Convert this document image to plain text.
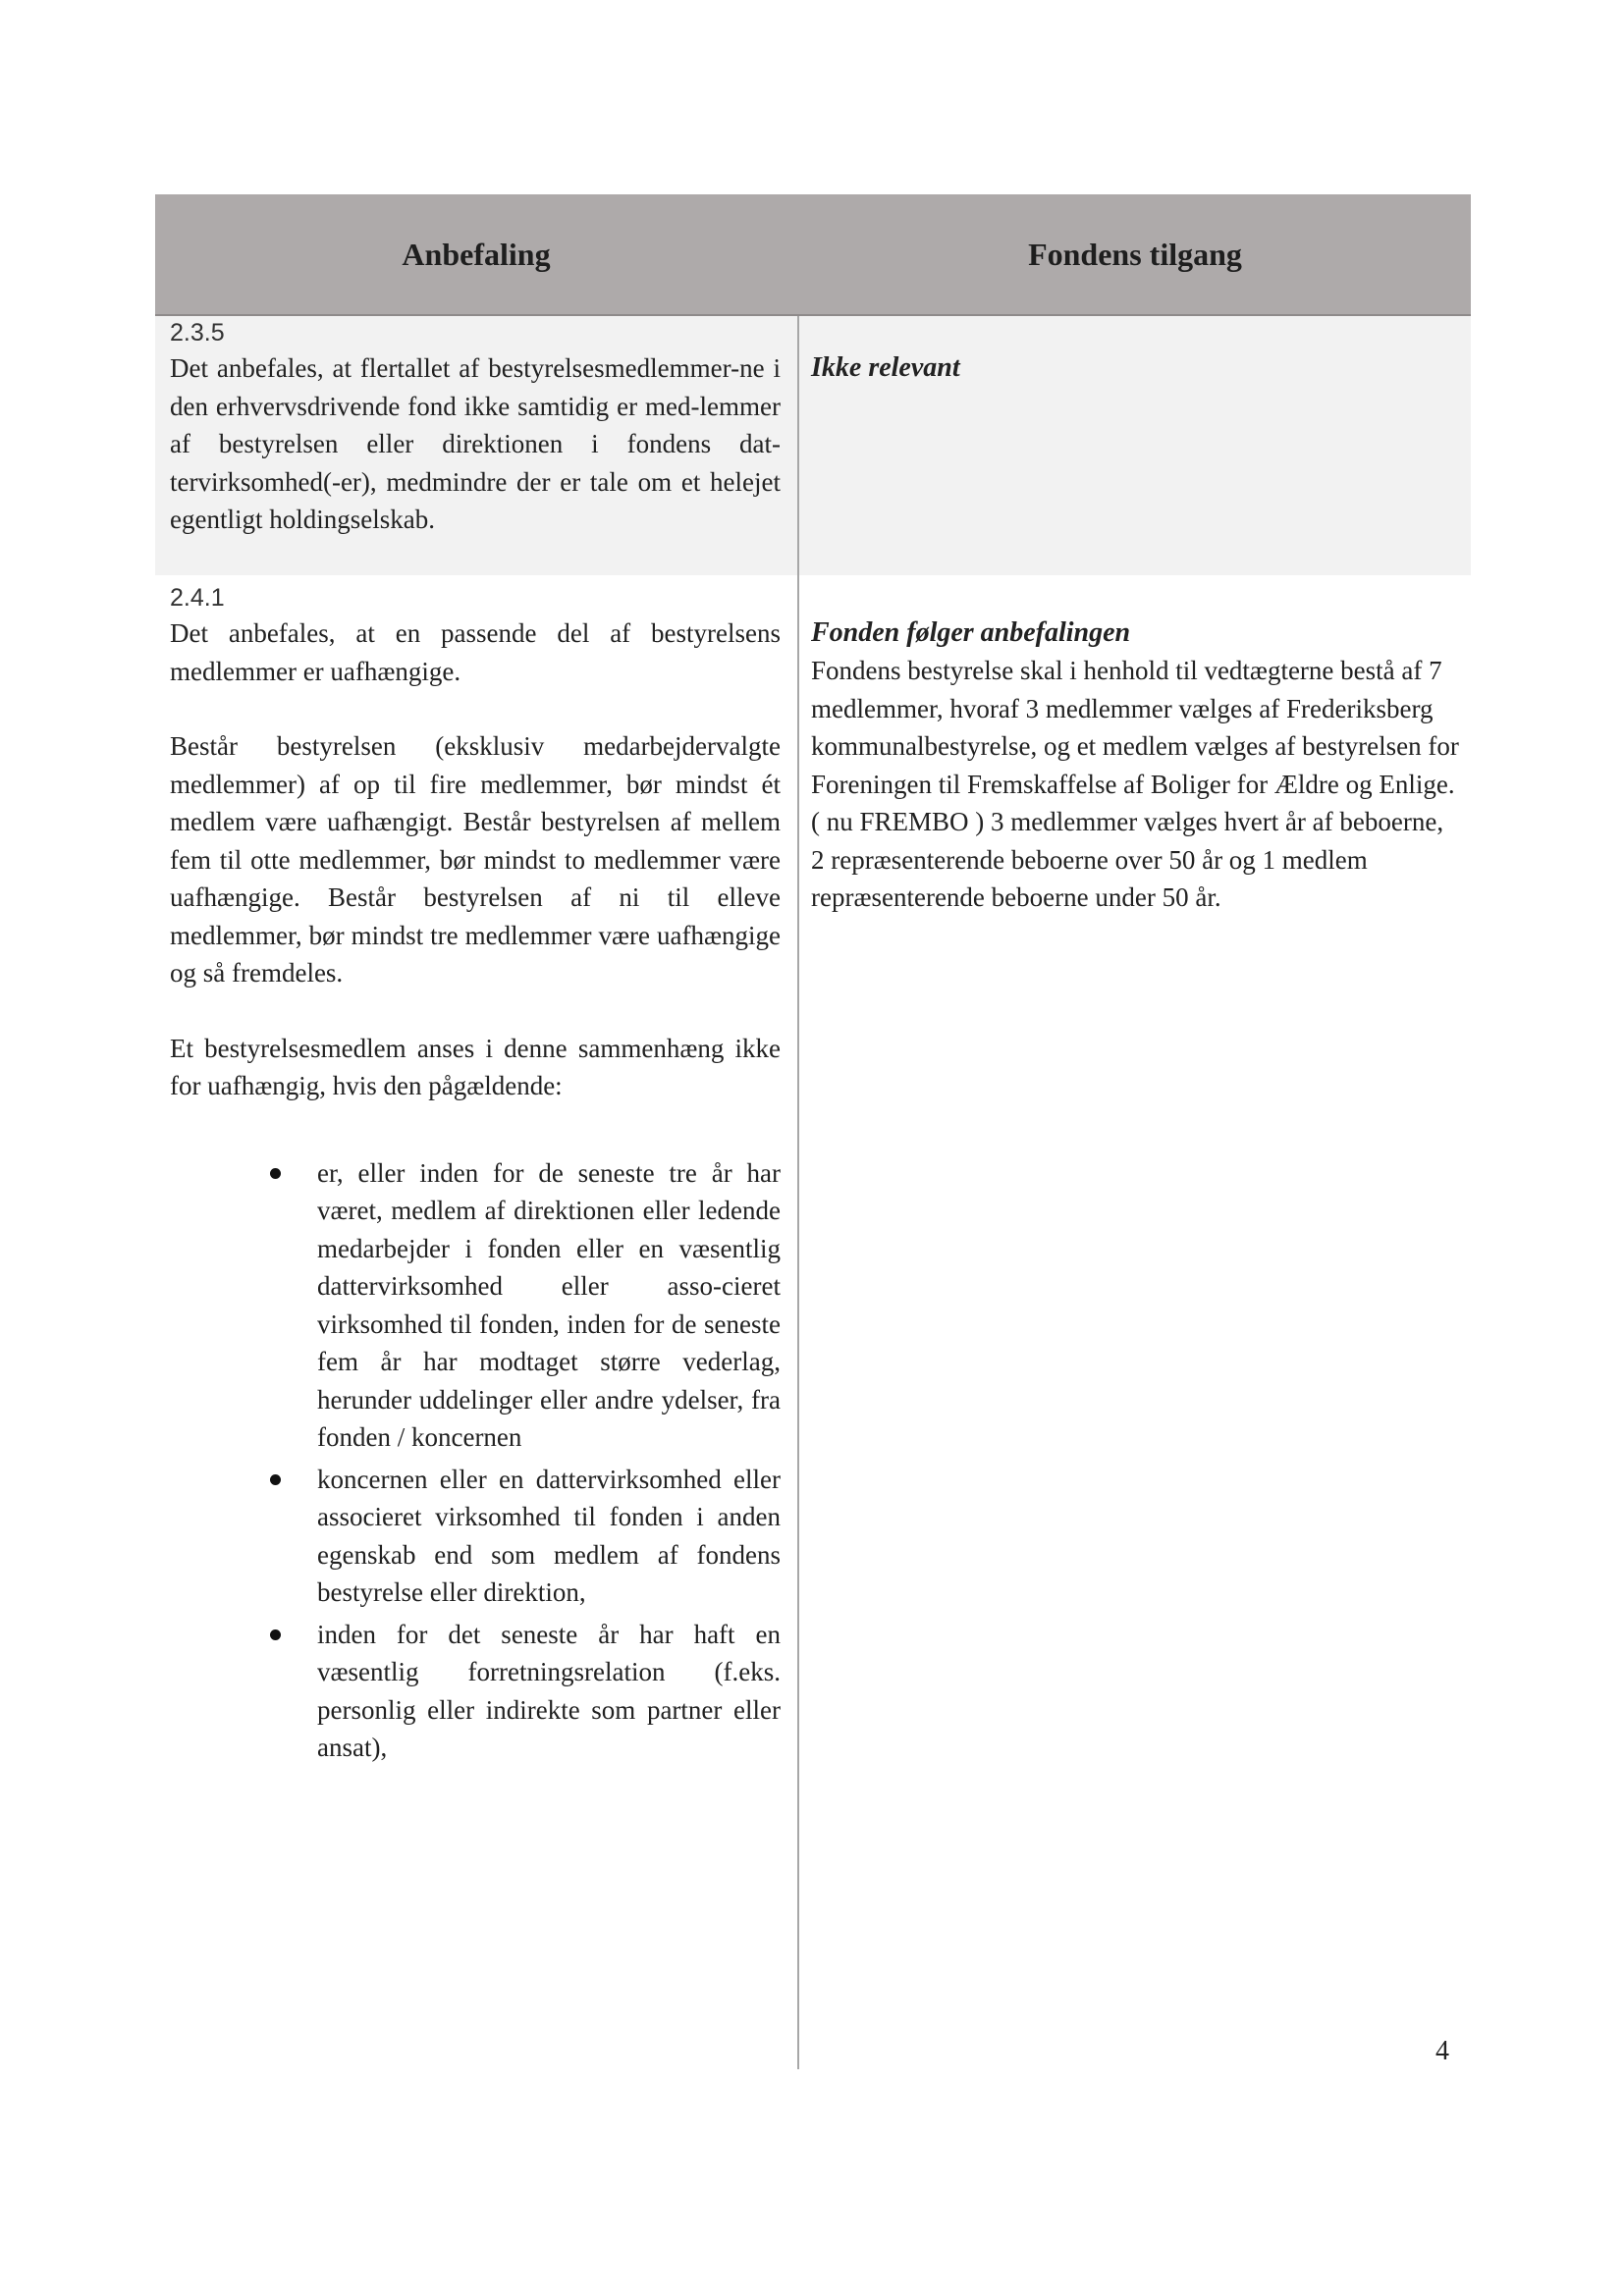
Anbefaling	Fondens tilgang
2.3.5

Det anbefales, at flertallet af bestyrelsesmedlemmer-ne i den erhvervsdrivende fond ikke samtidig er med-lemmer af bestyrelsen eller direktionen i fondens dat-tervirksomhed(-er), medmindre der er tale om et helejet egentligt holdingselskab.

Ikke relevant
2.4.1

Det anbefales, at en passende del af bestyrelsens medlemmer er uafhængige.

Består bestyrelsen (eksklusiv medarbejdervalgte medlemmer) af op til fire medlemmer, bør mindst ét medlem være uafhængigt. Består bestyrelsen af mellem fem til otte medlemmer, bør mindst to medlemmer være uafhængige. Består bestyrelsen af ni til elleve medlemmer, bør mindst tre medlemmer være uafhængige og så fremdeles.

Et bestyrelsesmedlem anses i denne sammenhæng ikke for uafhængig, hvis den pågældende:

er, eller inden for de seneste tre år har været, medlem af direktionen eller ledende medarbejder i fonden eller en væsentlig dattervirksomhed eller asso-cieret virksomhed til fonden, inden for de seneste fem år har modtaget større vederlag, herunder uddelinger eller andre ydelser, fra fonden / koncernen
koncernen eller en dattervirksomhed eller associeret virksomhed til fonden i anden egenskab end som medlem af fondens bestyrelse eller direktion,
inden for det seneste år har haft en væsentlig forretningsrelation (f.eks. personlig eller indirekte som partner eller ansat),
Fonden følger anbefalingen

Fondens bestyrelse skal i henhold til vedtægterne bestå af 7 medlemmer, hvoraf 3 medlemmer vælges af Frederiksberg kommunalbestyrelse, og et medlem vælges af bestyrelsen for Foreningen til Fremskaffelse af Boliger for Ældre og Enlige. ( nu FREMBO ) 3 medlemmer vælges hvert år af beboerne, 2 repræsenterende beboerne over 50 år og 1 medlem repræsenterende beboerne under 50 år.

4
